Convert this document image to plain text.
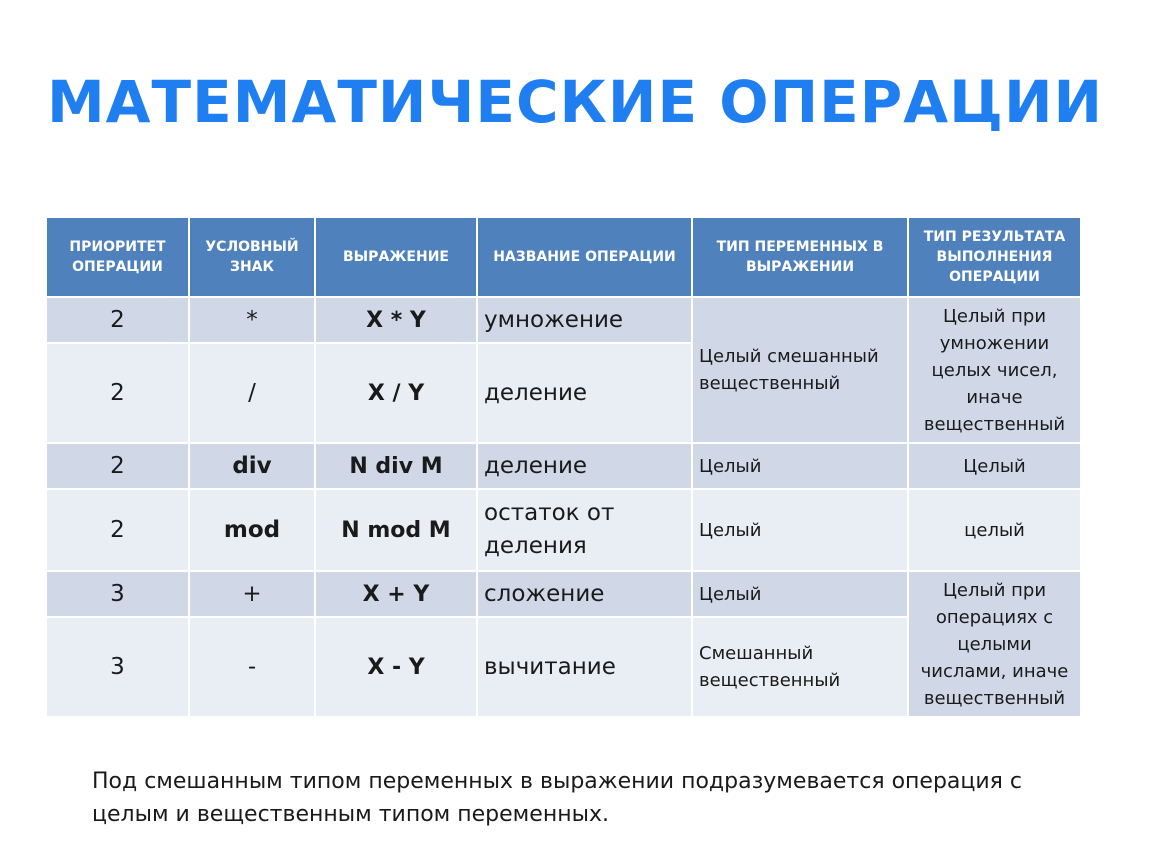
МАТЕМАТИЧЕСКИЕ ОПЕРАЦИИ
ПРИОРИТЕТ ОПЕРАЦИИ	УСЛОВНЫЙ ЗНАК	ВЫРАЖЕНИЕ	НАЗВАНИЕ ОПЕРАЦИИ	ТИП ПЕРЕМЕННЫХ В ВЫРАЖЕНИИ	ТИП РЕЗУЛЬТАТА ВЫПОЛНЕНИЯ ОПЕРАЦИИ
2	*	X * Y	умножение	Целый смешанный вещественный	Целый при умножении целых чисел, иначе вещественный
2	/	X / Y	деление		
2	div	N div M	деление	Целый	Целый
2	mod	N mod M	остаток от деления	Целый	целый
3	+	X + Y	сложение	Целый	Целый при операциях с целыми числами, иначе вещественный
3	-	X - Y	вычитание	Смешанный вещественный	
Под смешанным типом переменных в выражении подразумевается операция с целым и вещественным типом переменных.
